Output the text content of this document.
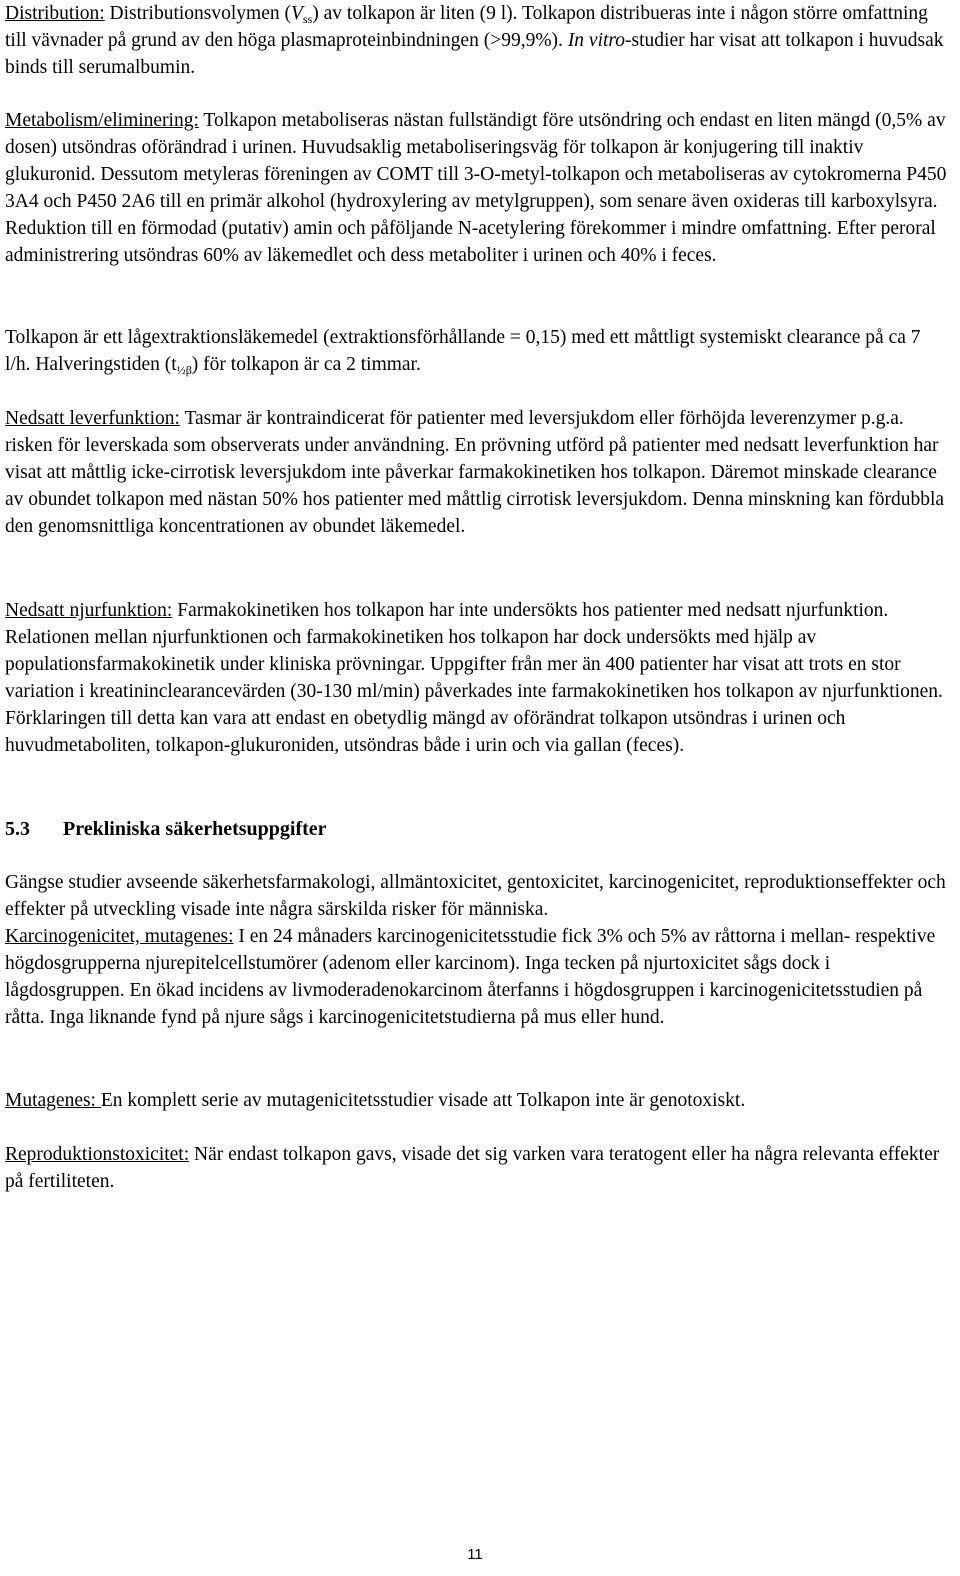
Distribution: Distributionsvolymen $(V_{ss})$ av tolkapon är liten (9 l). Tolkapon distribueras inte i någon större omfattning till vävnader på grund av den höga plasmaproteinbindningen (>99,9%). In vitro-studier har visat att tolkapon i huvudsak binds till serumalbumin.

Metabolism/eliminering: Tolkapon metaboliseras nästan fullständigt före utsöndring och endast en liten mängd (0,5% av dosen) utsöndras oförändrad i urinen. Huvudsaklig metaboliseringsväg för tolkapon är konjugering till inaktiv glukuronid. Dessutom metyleras föreningen av COMT till 3-O-metyl-tolkapon och metaboliseras av cytokromerna P450 3A4 och P450 2A6 till en primär alkohol (hydroxylering av metylgruppen), som senare även oxideras till karboxylsyra. Reduktion till en förmodad (putativ) amin och påföljande N-acetylering förekommer i mindre omfattning. Efter peroral administrering utsöndras 60% av läkemedlet och dess metaboliter i urinen och 40% i feces.

Tolkapon är ett lågextraktionsläkemedel (extraktionsförhållande = 0,15) med ett måttligt systemiskt clearance på ca 7 l/h. Halveringstiden $(t_{\frac{1}{2}\beta})$ för tolkapon är ca 2 timmar.

Nedsatt leverfunktion: Tasmar är kontraindicerat för patienter med leversjukdom eller förhöjda leverenzymer p.g.a. risken för leverskada som observerats under användning. En prövning utförd på patienter med nedsatt leverfunktion har visat att måttlig icke-cirrotisk leversjukdom inte påverkar farmakokinetiken hos tolkapon. Däremot minskade clearance av obundet tolkapon med nästan 50% hos patienter med måttlig cirrotisk leversjukdom. Denna minskning kan fördubbla den genomsnittliga koncentrationen av obundet läkemedel.

Nedsatt njurfunktion: Farmakokinetiken hos tolkapon har inte undersökts hos patienter med nedsatt njurfunktion. Relationen mellan njurfunktionen och farmakokinetiken hos tolkapon har dock undersökts med hjälp av populationsfarmakokinetik under kliniska prövningar. Uppgifter från mer än 400 patienter har visat att trots en stor variation i kreatininclearancevärden (30-130 ml/min) påverkades inte farmakokinetiken hos tolkapon av njurfunktionen. Förklaringen till detta kan vara att endast en obetydlig mängd av oförändrat tolkapon utsöndras i urinen och huvudmetaboliten, tolkapon-glukuroniden, utsöndras både i urin och via gallan (feces).

5.3 Prekliniska säkerhetsuppgifter

Gängse studier avseende säkerhetsfarmakologi, allmäntoxicitet, gentoxicitet, karcinogenicitet, reproduktionseffekter och effekter på utveckling visade inte några särskilda risker för människa.
Karcinogenicitet, mutagenes: I en 24 månaders karcinogenicitetsstudie fick 3% och 5% av råttorna i mellan- respektive högdosgrupperna njurepitelcellstumörer (adenom eller karcinom). Inga tecken på njurtoxicitet sågs dock i lågdosgruppen. En ökad incidens av livmoderadenokarcinom återfanns i högdosgruppen i karcinogenicitetsstudien på råtta. Inga liknande fynd på njure sågs i karcinogenicitetstudierna på mus eller hund.

Mutagenes: En komplett serie av mutagenicitetsstudier visade att Tolkapon inte är genotoxiskt.

Reproduktionstoxicitet: När endast tolkapon gavs, visade det sig varken vara teratogent eller ha några relevanta effekter på fertiliteten.

11
